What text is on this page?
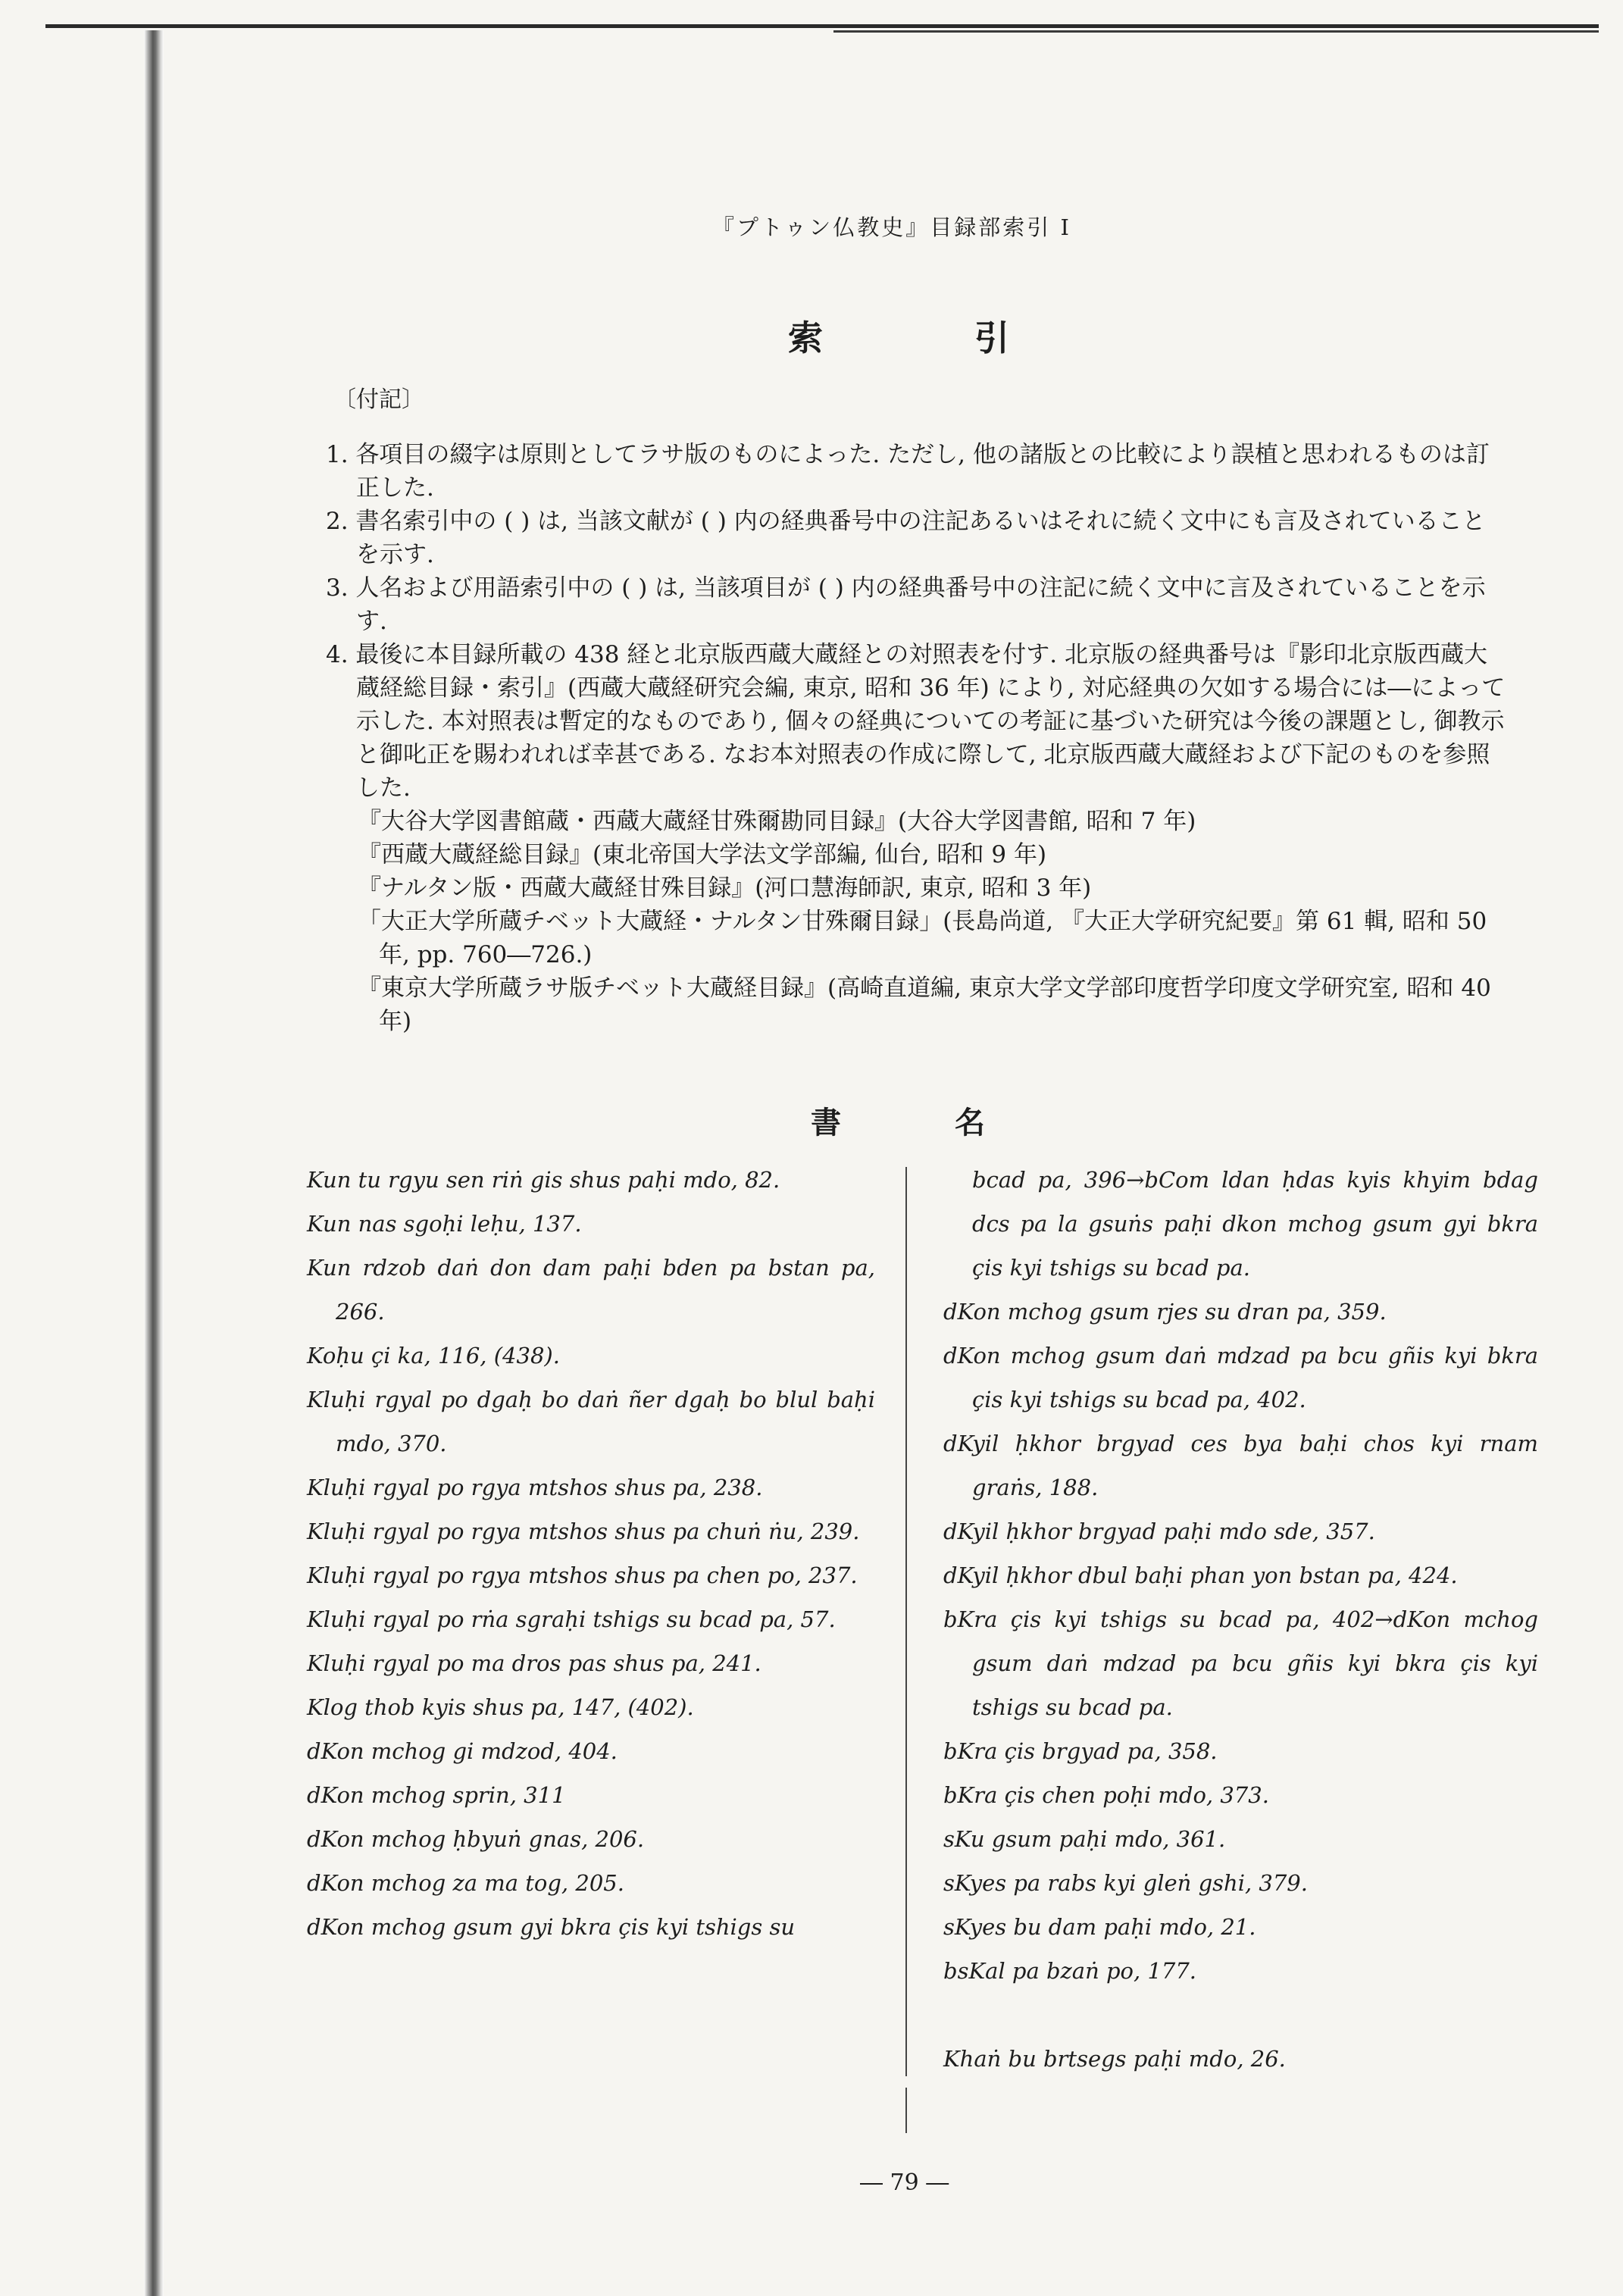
『プトゥン仏教史』目録部索引 I
索	引
〔付記〕

1. 各項目の綴字は原則としてラサ版のものによった. ただし, 他の諸版との比較により誤植と思われるものは訂正した.

2. 書名索引中の ( ) は, 当該文献が ( ) 内の経典番号中の注記あるいはそれに続く文中にも言及されていることを示す.

3. 人名および用語索引中の ( ) は, 当該項目が ( ) 内の経典番号中の注記に続く文中に言及されていることを示す.

4. 最後に本目録所載の 438 経と北京版西蔵大蔵経との対照表を付す. 北京版の経典番号は『影印北京版西蔵大蔵経総目録・索引』(西蔵大蔵経研究会編, 東京, 昭和 36 年) により, 対応経典の欠如する場合には―によって示した. 本対照表は暫定的なものであり, 個々の経典についての考証に基づいた研究は今後の課題とし, 御教示と御叱正を賜われれば幸甚である. なお本対照表の作成に際して, 北京版西蔵大蔵経および下記のものを参照した.

『大谷大学図書館蔵・西蔵大蔵経甘殊爾勘同目録』(大谷大学図書館, 昭和 7 年)

『西蔵大蔵経総目録』(東北帝国大学法文学部編, 仙台, 昭和 9 年)

『ナルタン版・西蔵大蔵経甘殊目録』(河口慧海師訳, 東京, 昭和 3 年)

「大正大学所蔵チベット大蔵経・ナルタン甘殊爾目録」(長島尚道, 『大正大学研究紀要』第 61 輯, 昭和 50 年, pp. 760―726.)

『東京大学所蔵ラサ版チベット大蔵経目録』(高崎直道編, 東京大学文学部印度哲学印度文学研究室, 昭和 40 年)

書	名

Kun tu rgyu sen riṅ gis shus paḥi mdo, 82.

Kun nas sgoḥi leḥu, 137.

Kun rdzob daṅ don dam paḥi bden pa bstan pa, 266.

Koḥu çi ka, 116, (438).

Kluḥi rgyal po dgaḥ bo daṅ ñer dgaḥ bo blul baḥi mdo, 370.

Kluḥi rgyal po rgya mtshos shus pa, 238.

Kluḥi rgyal po rgya mtshos shus pa chuṅ ṅu, 239.

Kluḥi rgyal po rgya mtshos shus pa chen po, 237.

Kluḥi rgyal po rṅa sgraḥi tshigs su bcad pa, 57.

Kluḥi rgyal po ma dros pas shus pa, 241.

Klog thob kyis shus pa, 147, (402).

dKon mchog gi mdzod, 404.

dKon mchog sprin, 311

dKon mchog ḥbyuṅ gnas, 206.

dKon mchog za ma tog, 205.

dKon mchog gsum gyi bkra çis kyi tshigs su

bcad pa, 396→bCom ldan ḥdas kyis khyim bdag dcs pa la gsuṅs paḥi dkon mchog gsum gyi bkra çis kyi tshigs su bcad pa.

dKon mchog gsum rjes su dran pa, 359.

dKon mchog gsum daṅ mdzad pa bcu gñis kyi bkra çis kyi tshigs su bcad pa, 402.

dKyil ḥkhor brgyad ces bya baḥi chos kyi rnam graṅs, 188.

dKyil ḥkhor brgyad paḥi mdo sde, 357.

dKyil ḥkhor dbul baḥi phan yon bstan pa, 424.

bKra çis kyi tshigs su bcad pa, 402→dKon mchog gsum daṅ mdzad pa bcu gñis kyi bkra çis kyi tshigs su bcad pa.

bKra çis brgyad pa, 358.

bKra çis chen poḥi mdo, 373.

sKu gsum paḥi mdo, 361.

sKyes pa rabs kyi gleṅ gshi, 379.

sKyes bu dam paḥi mdo, 21.

bsKal pa bzaṅ po, 177.

Khaṅ bu brtsegs paḥi mdo, 26.

― 79 ―
